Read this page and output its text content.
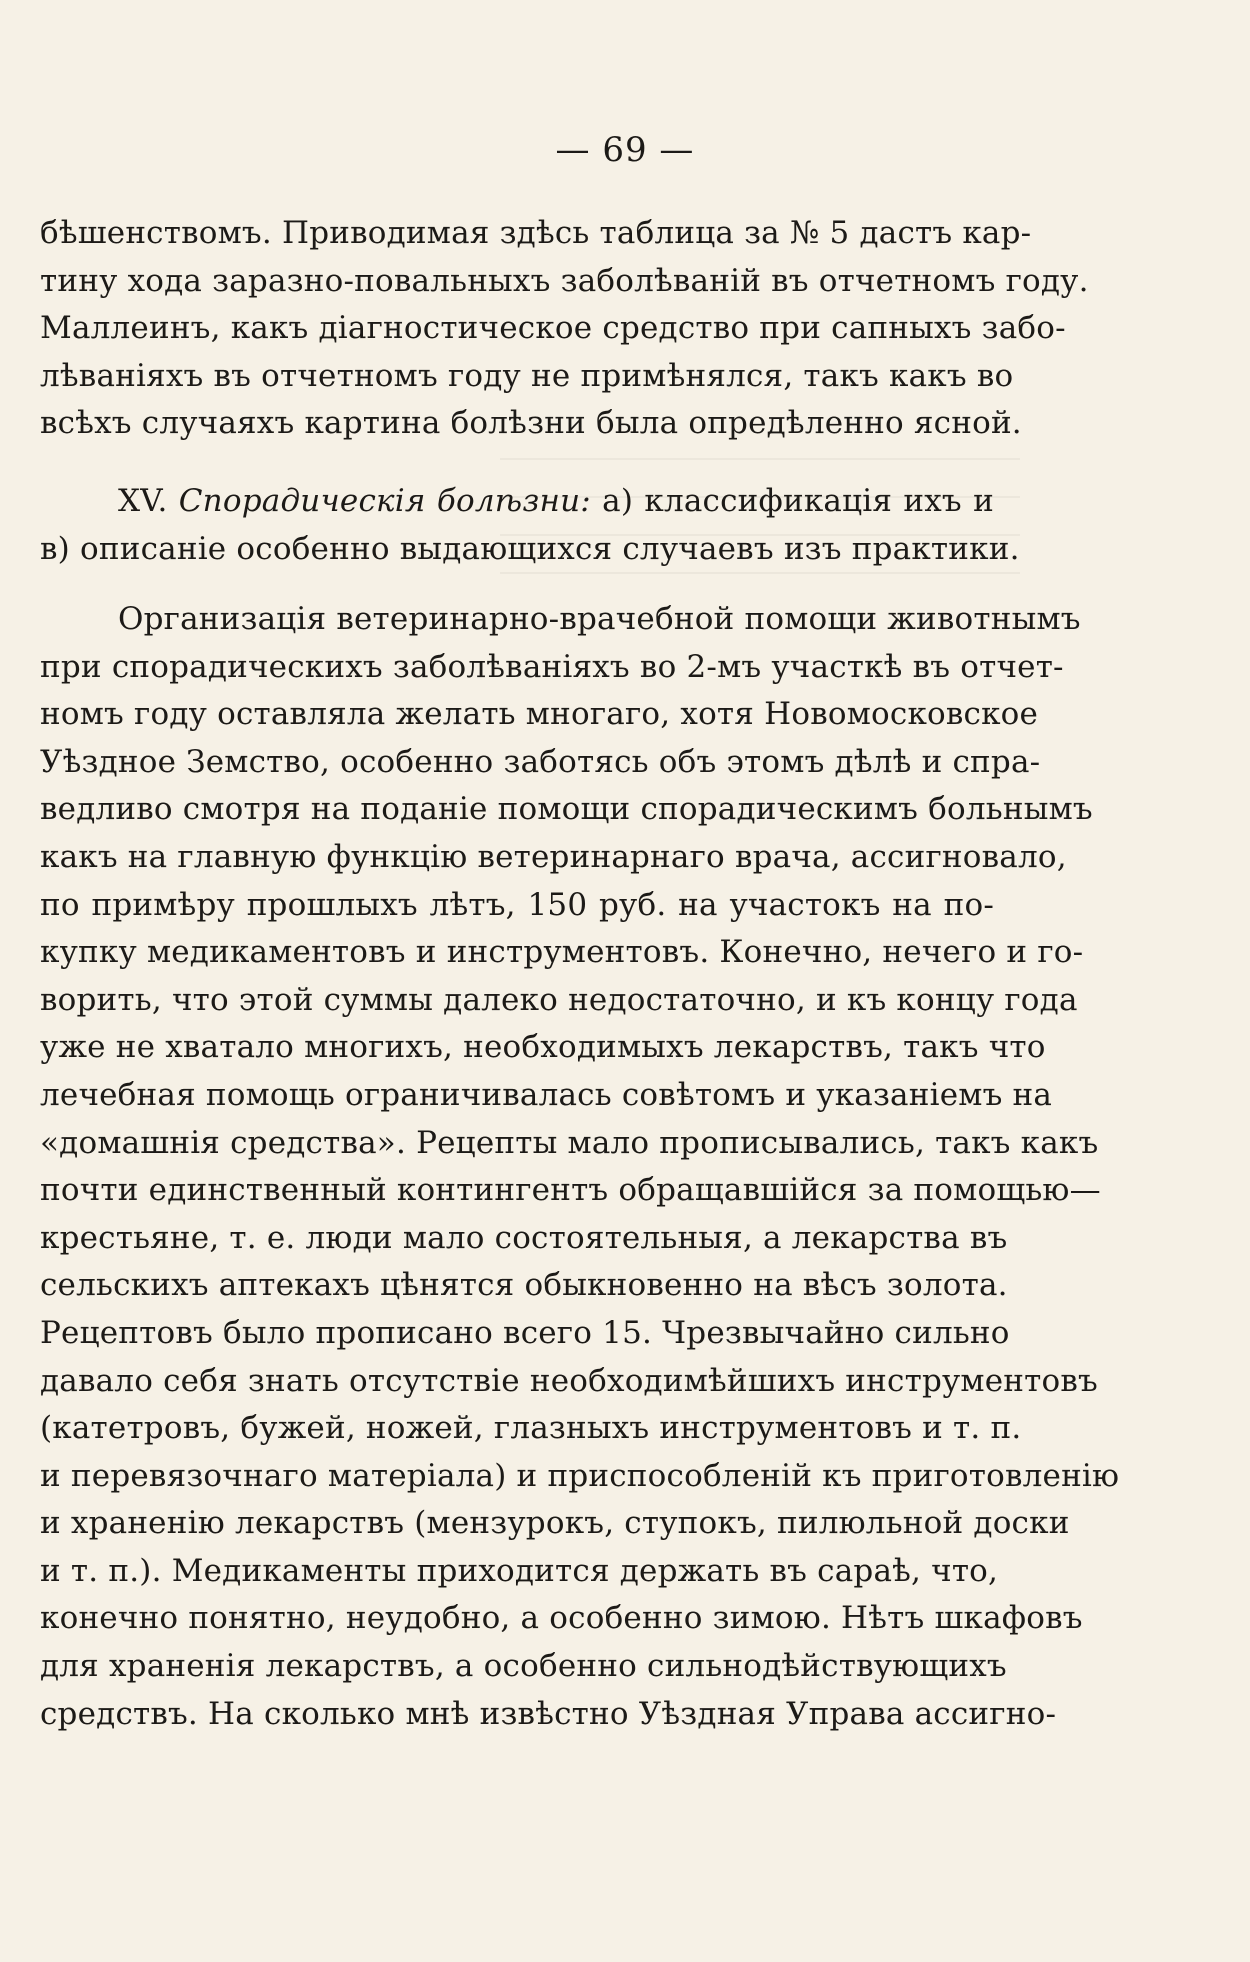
— 69 —
бѣшенствомъ. Приводимая здѣсь таблица за № 5 дастъ кар-
тину хода заразно-повальныхъ заболѣваній въ отчетномъ году.
Маллеинъ, какъ діагностическое средство при сапныхъ забо-
лѣваніяхъ въ отчетномъ году не примѣнялся, такъ какъ во
всѣхъ случаяхъ картина болѣзни была опредѣленно ясной.
XV. Спорадическія болѣзни: а) классификація ихъ и
в) описаніе особенно выдающихся случаевъ изъ практики.
Организація ветеринарно-врачебной помощи животнымъ
при спорадическихъ заболѣваніяхъ во 2-мъ участкѣ въ отчет-
номъ году оставляла желать многаго, хотя Новомосковское
Уѣздное Земство, особенно заботясь объ этомъ дѣлѣ и спра-
ведливо смотря на поданіе помощи спорадическимъ больнымъ
какъ на главную функцію ветеринарнаго врача, ассигновало,
по примѣру прошлыхъ лѣтъ, 150 руб. на участокъ на по-
купку медикаментовъ и инструментовъ. Конечно, нечего и го-
ворить, что этой суммы далеко недостаточно, и къ концу года
уже не хватало многихъ, необходимыхъ лекарствъ, такъ что
лечебная помощь ограничивалась совѣтомъ и указаніемъ на
«домашнія средства». Рецепты мало прописывались, такъ какъ
почти единственный контингентъ обращавшійся за помощью—
крестьяне, т. е. люди мало состоятельныя, а лекарства въ
сельскихъ аптекахъ цѣнятся обыкновенно на вѣсъ золота.
Рецептовъ было прописано всего 15. Чрезвычайно сильно
давало себя знать отсутствіе необходимѣйшихъ инструментовъ
(катетровъ, бужей, ножей, глазныхъ инструментовъ и т. п.
и перевязочнаго матеріала) и приспособленій къ приготовленію
и храненію лекарствъ (мензурокъ, ступокъ, пилюльной доски
и т. п.). Медикаменты приходится держать въ сараѣ, что,
конечно понятно, неудобно, а особенно зимою. Нѣтъ шкафовъ
для храненія лекарствъ, а особенно сильнодѣйствующихъ
средствъ. На сколько мнѣ извѣстно Уѣздная Управа ассигно-
